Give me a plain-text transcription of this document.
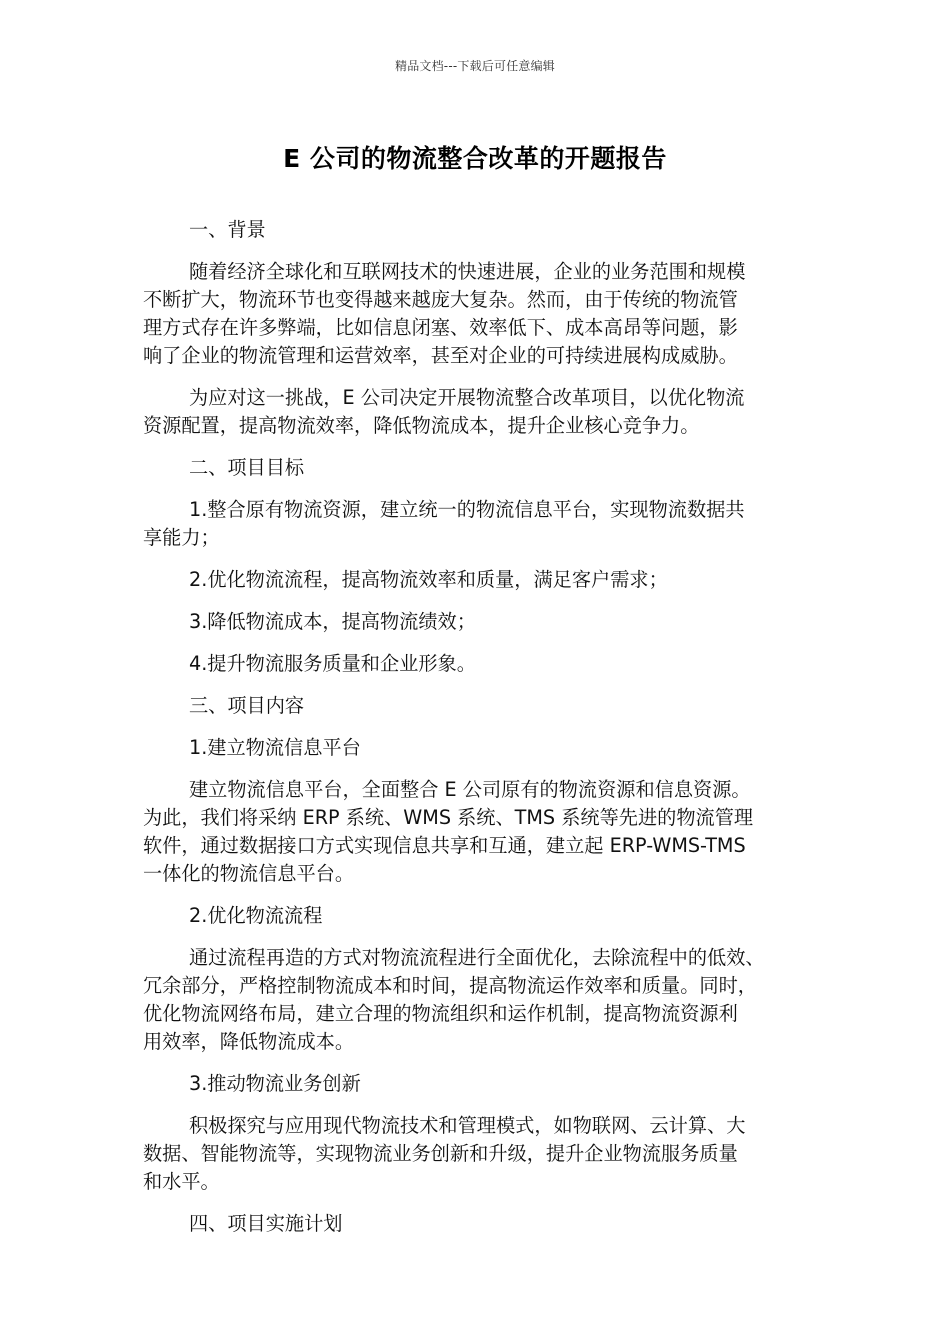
精品文档---下载后可任意编辑
E 公司的物流整合改革的开题报告

一、背景

随着经济全球化和互联网技术的快速进展，企业的业务范围和规模
不断扩大，物流环节也变得越来越庞大复杂。然而，由于传统的物流管
理方式存在许多弊端，比如信息闭塞、效率低下、成本高昂等问题，影
响了企业的物流管理和运营效率，甚至对企业的可持续进展构成威胁。

为应对这一挑战，E 公司决定开展物流整合改革项目，以优化物流
资源配置，提高物流效率，降低物流成本，提升企业核心竞争力。

二、项目目标

1.整合原有物流资源，建立统一的物流信息平台，实现物流数据共
享能力；

2.优化物流流程，提高物流效率和质量，满足客户需求；

3.降低物流成本，提高物流绩效；

4.提升物流服务质量和企业形象。

三、项目内容

1.建立物流信息平台

建立物流信息平台，全面整合 E 公司原有的物流资源和信息资源。
为此，我们将采纳 ERP 系统、WMS 系统、TMS 系统等先进的物流管理
软件，通过数据接口方式实现信息共享和互通，建立起 ERP-WMS-TMS
一体化的物流信息平台。

2.优化物流流程

通过流程再造的方式对物流流程进行全面优化，去除流程中的低效、
冗余部分，严格控制物流成本和时间，提高物流运作效率和质量。同时，
优化物流网络布局，建立合理的物流组织和运作机制，提高物流资源利
用效率，降低物流成本。

3.推动物流业务创新

积极探究与应用现代物流技术和管理模式，如物联网、云计算、大
数据、智能物流等，实现物流业务创新和升级，提升企业物流服务质量
和水平。

四、项目实施计划
